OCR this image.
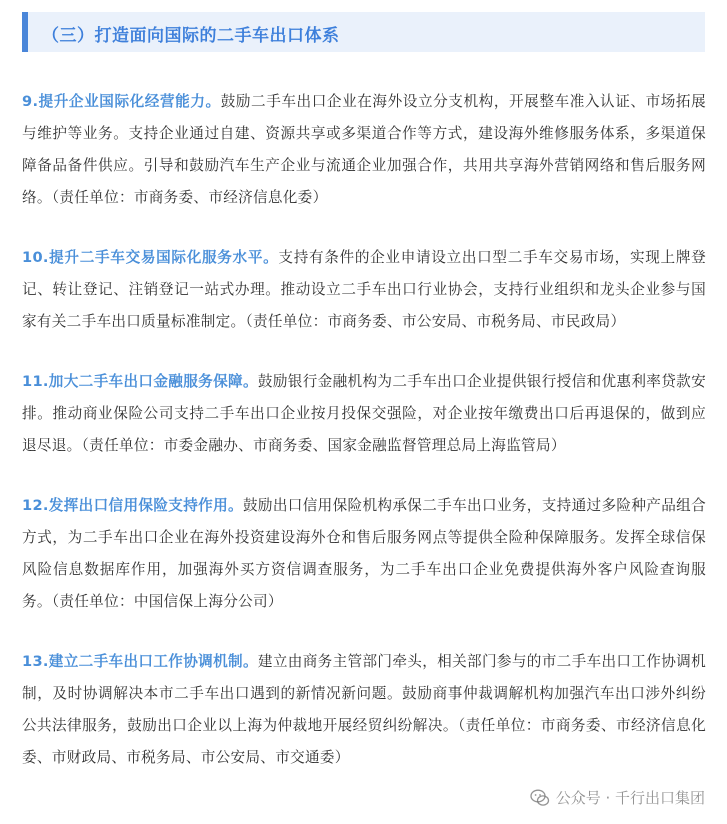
（三）打造面向国际的二手车出口体系

9.提升企业国际化经营能力。鼓励二手车出口企业在海外设立分支机构，开展整车准入认证、市场拓展与维护等业务。支持企业通过自建、资源共享或多渠道合作等方式，建设海外维修服务体系，多渠道保障备品备件供应。引导和鼓励汽车生产企业与流通企业加强合作，共用共享海外营销网络和售后服务网络。（责任单位：市商务委、市经济信息化委）

10.提升二手车交易国际化服务水平。支持有条件的企业申请设立出口型二手车交易市场，实现上牌登记、转让登记、注销登记一站式办理。推动设立二手车出口行业协会，支持行业组织和龙头企业参与国家有关二手车出口质量标准制定。（责任单位：市商务委、市公安局、市税务局、市民政局）

11.加大二手车出口金融服务保障。鼓励银行金融机构为二手车出口企业提供银行授信和优惠利率贷款安排。推动商业保险公司支持二手车出口企业按月投保交强险，对企业按年缴费出口后再退保的，做到应退尽退。（责任单位：市委金融办、市商务委、国家金融监督管理总局上海监管局）

12.发挥出口信用保险支持作用。鼓励出口信用保险机构承保二手车出口业务，支持通过多险种产品组合方式，为二手车出口企业在海外投资建设海外仓和售后服务网点等提供全险种保障服务。发挥全球信保风险信息数据库作用，加强海外买方资信调查服务，为二手车出口企业免费提供海外客户风险查询服务。（责任单位：中国信保上海分公司）

13.建立二手车出口工作协调机制。建立由商务主管部门牵头，相关部门参与的市二手车出口工作协调机制，及时协调解决本市二手车出口遇到的新情况新问题。鼓励商事仲裁调解机构加强汽车出口涉外纠纷公共法律服务，鼓励出口企业以上海为仲裁地开展经贸纠纷解决。（责任单位：市商务委、市经济信息化委、市财政局、市税务局、市公安局、市交通委）

公众号 · 千行出口集团
